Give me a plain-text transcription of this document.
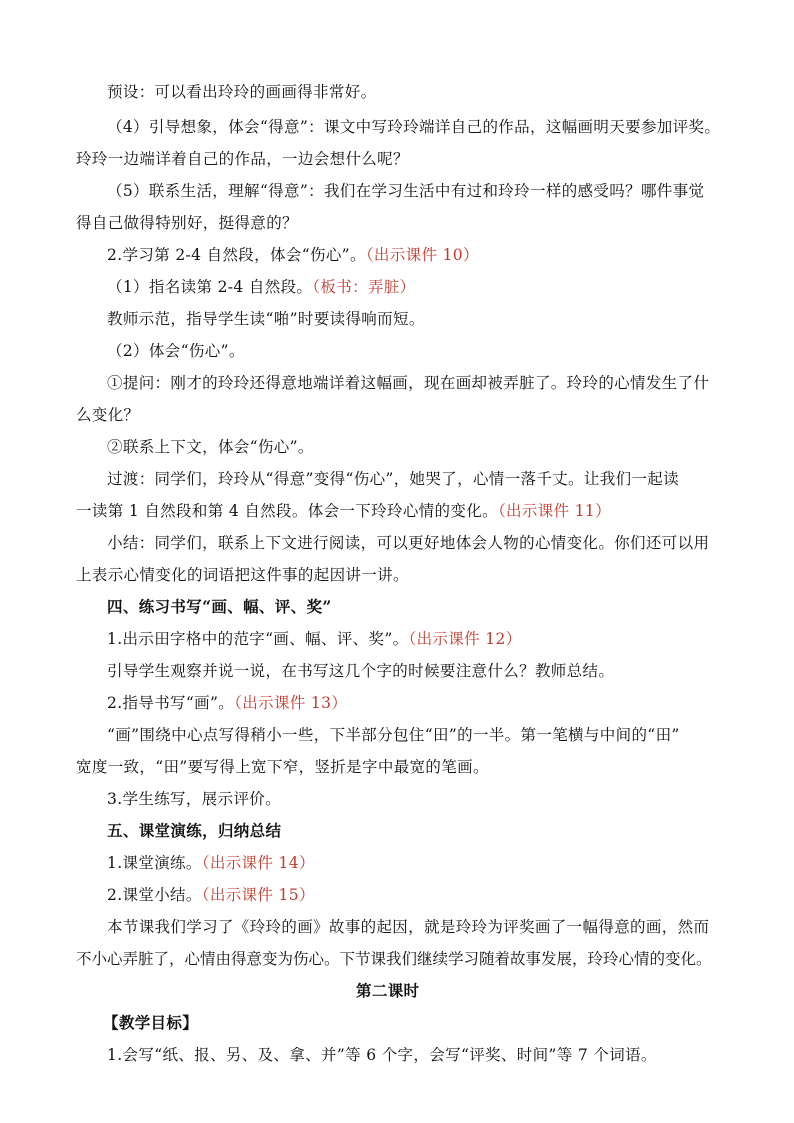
预设：可以看出玲玲的画画得非常好。
（4）引导想象，体会“得意”：课文中写玲玲端详自己的作品，这幅画明天要参加评奖。
玲玲一边端详着自己的作品，一边会想什么呢？
（5）联系生活，理解“得意”：我们在学习生活中有过和玲玲一样的感受吗？哪件事觉
得自己做得特别好，挺得意的？
2.学习第 2-4 自然段，体会“伤心”。（出示课件 10）
（1）指名读第 2-4 自然段。（板书：弄脏）
教师示范，指导学生读“啪”时要读得响而短。
（2）体会“伤心”。
①提问：刚才的玲玲还得意地端详着这幅画，现在画却被弄脏了。玲玲的心情发生了什
么变化？
②联系上下文，体会“伤心”。
过渡：同学们，玲玲从“得意”变得“伤心”，她哭了，心情一落千丈。让我们一起读
一读第 1 自然段和第 4 自然段。体会一下玲玲心情的变化。（出示课件 11）
小结：同学们，联系上下文进行阅读，可以更好地体会人物的心情变化。你们还可以用
上表示心情变化的词语把这件事的起因讲一讲。
四、练习书写“画、幅、评、奖”
1.出示田字格中的范字“画、幅、评、奖”。（出示课件 12）
引导学生观察并说一说，在书写这几个字的时候要注意什么？教师总结。
2.指导书写“画”。（出示课件 13）
“画”围绕中心点写得稍小一些，下半部分包住“田”的一半。第一笔横与中间的“田”
宽度一致，“田”要写得上宽下窄，竖折是字中最宽的笔画。
3.学生练写，展示评价。
五、课堂演练，归纳总结
1.课堂演练。（出示课件 14）
2.课堂小结。（出示课件 15）
本节课我们学习了《玲玲的画》故事的起因，就是玲玲为评奖画了一幅得意的画，然而
不小心弄脏了，心情由得意变为伤心。下节课我们继续学习随着故事发展，玲玲心情的变化。
第二课时
【教学目标】
1.会写“纸、报、另、及、拿、并”等 6 个字，会写“评奖、时间”等 7 个词语。
